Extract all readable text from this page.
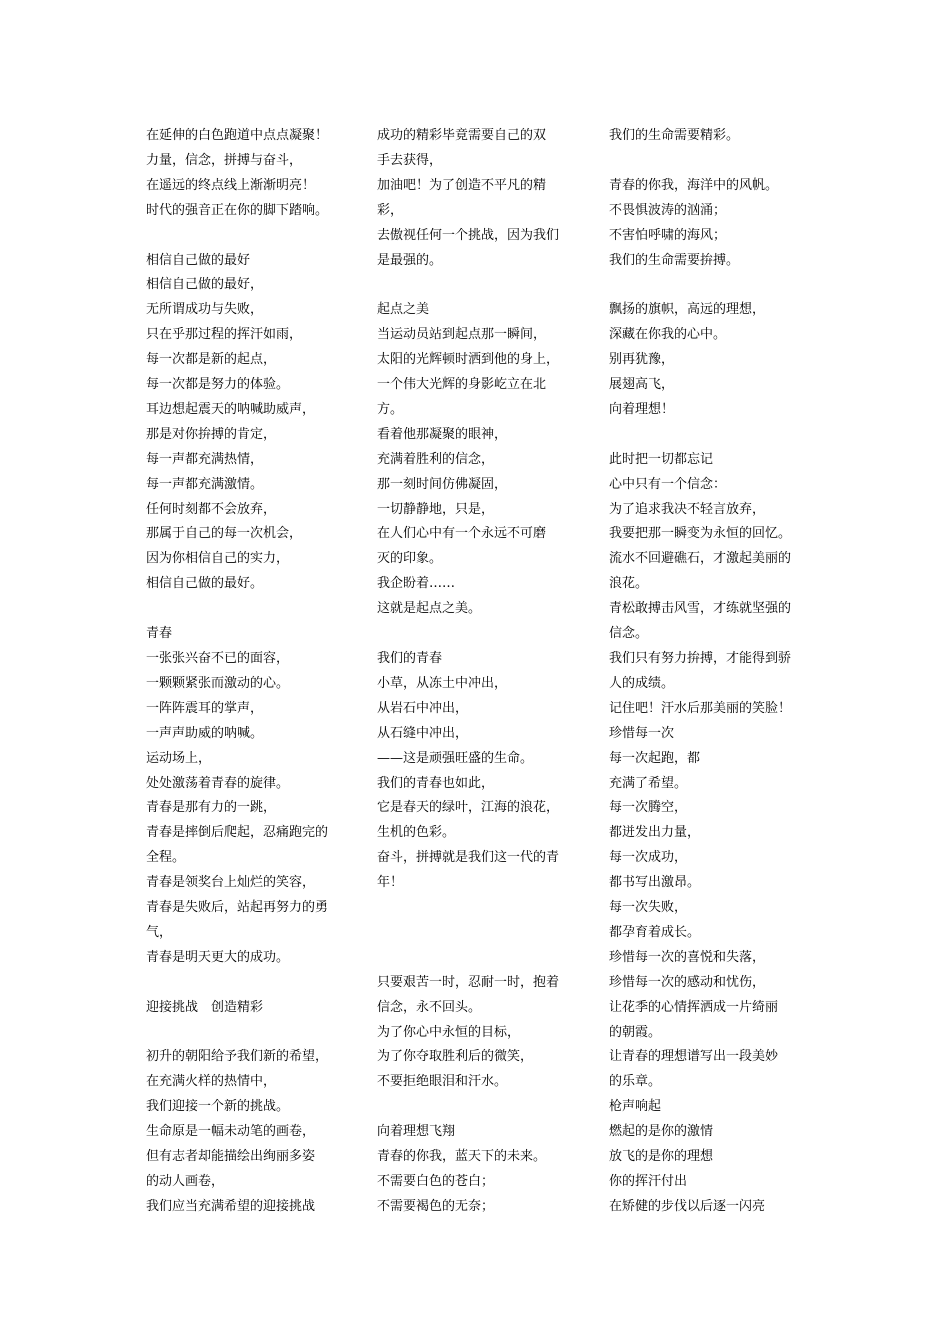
在延伸的白色跑道中点点凝聚！
力量，信念，拼搏与奋斗，
在遥远的终点线上渐渐明亮！
时代的强音正在你的脚下踏响。
相信自己做的最好
相信自己做的最好，
无所谓成功与失败，
只在乎那过程的挥汗如雨，
每一次都是新的起点，
每一次都是努力的体验。
耳边想起震天的呐喊助威声，
那是对你拚搏的肯定，
每一声都充满热情，
每一声都充满激情。
任何时刻都不会放弃，
那属于自己的每一次机会，
因为你相信自己的实力，
相信自己做的最好。
青春
一张张兴奋不已的面容，
一颗颗紧张而激动的心。
一阵阵震耳的掌声，
一声声助威的呐喊。
运动场上，
处处激荡着青春的旋律。
青春是那有力的一跳，
青春是摔倒后爬起，忍痛跑完的
全程。
青春是领奖台上灿烂的笑容，
青春是失败后，站起再努力的勇
气，
青春是明天更大的成功。
迎接挑战　创造精彩
初升的朝阳给予我们新的希望，
在充满火样的热情中，
我们迎接一个新的挑战。
生命原是一幅未动笔的画卷，
但有志者却能描绘出绚丽多姿
的动人画卷，
我们应当充满希望的迎接挑战
成功的精彩毕竟需要自己的双
手去获得，
加油吧！为了创造不平凡的精
彩，
去傲视任何一个挑战，因为我们
是最强的。
起点之美
当运动员站到起点那一瞬间，
太阳的光辉顿时洒到他的身上，
一个伟大光辉的身影屹立在北
方。
看着他那凝聚的眼神，
充满着胜利的信念，
那一刻时间仿佛凝固，
一切静静地，只是，
在人们心中有一个永远不可磨
灭的印象。
我企盼着……
这就是起点之美。
我们的青春
小草，从冻土中冲出，
从岩石中冲出，
从石缝中冲出，
——这是顽强旺盛的生命。
我们的青春也如此，
它是春天的绿叶，江海的浪花，
生机的色彩。
奋斗，拼搏就是我们这一代的青
年！
只要艰苦一时，忍耐一时，抱着
信念，永不回头。
为了你心中永恒的目标，
为了你夺取胜利后的微笑，
不要拒绝眼泪和汗水。
向着理想飞翔
青春的你我，蓝天下的未来。
不需要白色的苍白；
不需要褐色的无奈；
我们的生命需要精彩。
青春的你我，海洋中的风帆。
不畏惧波涛的汹涌；
不害怕呼啸的海风；
我们的生命需要拚搏。
飘扬的旗帜，高远的理想，
深藏在你我的心中。
别再犹豫，
展翅高飞，
向着理想！
此时把一切都忘记
心中只有一个信念：
为了追求我决不轻言放弃，
我要把那一瞬变为永恒的回忆。
流水不回避礁石，才激起美丽的
浪花。
青松敢搏击风雪，才练就坚强的
信念。
我们只有努力拚搏，才能得到骄
人的成绩。
记住吧！汗水后那美丽的笑脸！
珍惜每一次
每一次起跑，都
充满了希望。
每一次腾空，
都迸发出力量，
每一次成功，
都书写出激昂。
每一次失败，
都孕育着成长。
珍惜每一次的喜悦和失落，
珍惜每一次的感动和忧伤，
让花季的心情挥洒成一片绮丽
的朝霞。
让青春的理想谱写出一段美妙
的乐章。
枪声响起
燃起的是你的激情
放飞的是你的理想
你的挥汗付出
在矫健的步伐以后逐一闪亮
